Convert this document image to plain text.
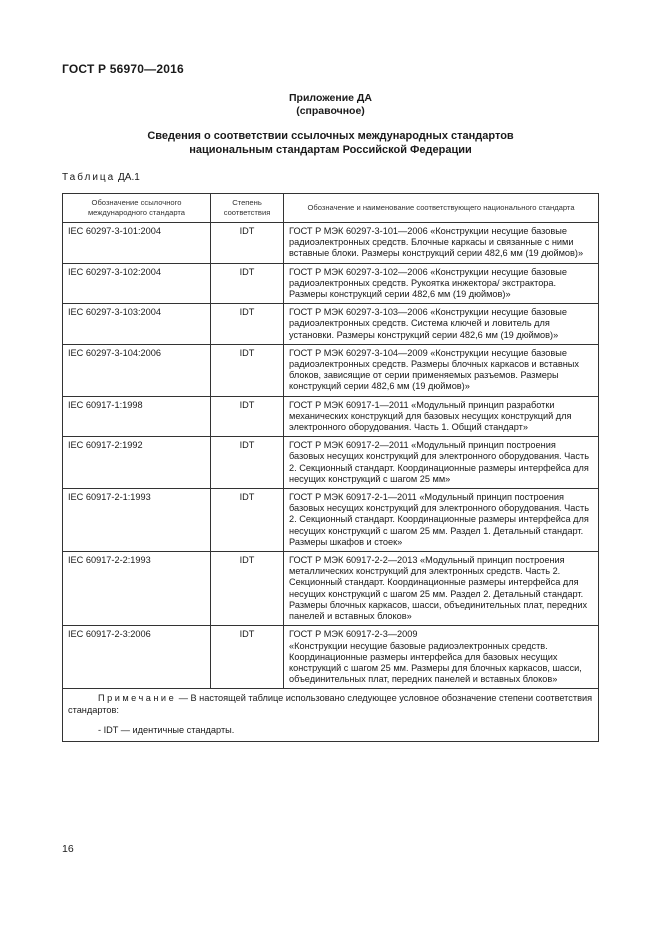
ГОСТ Р 56970—2016
Приложение ДА
(справочное)
Сведения о соответствии ссылочных международных стандартов
национальным стандартам Российской Федерации
Таблица ДА.1
Обозначение ссылочного международного стандарта	Степень соответствия	Обозначение и наименование соответствующего национального стандарта
IEC 60297-3-101:2004	IDT	ГОСТ Р МЭК 60297-3-101—2006 «Конструкции несущие базовые радиоэлектронных средств. Блочные каркасы и связанные с ними вставные блоки. Размеры конструкций серии 482,6 мм (19 дюймов)»
IEC 60297-3-102:2004	IDT	ГОСТ Р МЭК 60297-3-102—2006 «Конструкции несущие базовые радиоэлектронных средств. Рукоятка инжектора/ экстрактора. Размеры конструкций серии 482,6 мм (19 дюймов)»
IEC 60297-3-103:2004	IDT	ГОСТ Р МЭК 60297-3-103—2006 «Конструкции несущие базовые радиоэлектронных средств. Система ключей и ловитель для установки. Размеры конструкций серии 482,6 мм (19 дюймов)»
IEC 60297-3-104:2006	IDT	ГОСТ Р МЭК 60297-3-104—2009 «Конструкции несущие базовые радиоэлектронных средств. Размеры блочных каркасов и вставных блоков, зависящие от серии применяемых разъемов. Размеры конструкций серии 482,6 мм (19 дюймов)»
IEC 60917-1:1998	IDT	ГОСТ Р МЭК 60917-1—2011 «Модульный принцип разработки механических конструкций для базовых несущих конструкций для электронного оборудования. Часть 1. Общий стандарт»
IEC 60917-2:1992	IDT	ГОСТ Р МЭК 60917-2—2011 «Модульный принцип построения базовых несущих конструкций для электронного оборудования. Часть 2. Секционный стандарт. Координационные размеры интерфейса для несущих конструкций с шагом 25 мм»
IEC 60917-2-1:1993	IDT	ГОСТ Р МЭК 60917-2-1—2011 «Модульный принцип построения базовых несущих конструкций для электронного оборудования. Часть 2. Секционный стандарт. Координационные размеры интерфейса для несущих конструкций с шагом 25 мм. Раздел 1. Детальный стандарт. Размеры шкафов и стоек»
IEC 60917-2-2:1993	IDT	ГОСТ Р МЭК 60917-2-2—2013 «Модульный принцип построения металлических конструкций для электронных средств. Часть 2. Секционный стандарт. Координационные размеры интерфейса для несущих конструкций с шагом 25 мм. Раздел 2. Детальный стандарт. Размеры блочных каркасов, шасси, объединительных плат, передних панелей и вставных блоков»
IEC 60917-2-3:2006	IDT	ГОСТ Р МЭК 60917-2-3—2009
«Конструкции несущие базовые радиоэлектронных средств. Координационные размеры интерфейса для базовых несущих конструкций с шагом 25 мм. Размеры для блочных каркасов, шасси, объединительных плат, передних панелей и вставных блоков»

Примечание — В настоящей таблице использовано следующее условное обозначение степени соответствия стандартов:
- IDT — идентичные стандарты.		
16
